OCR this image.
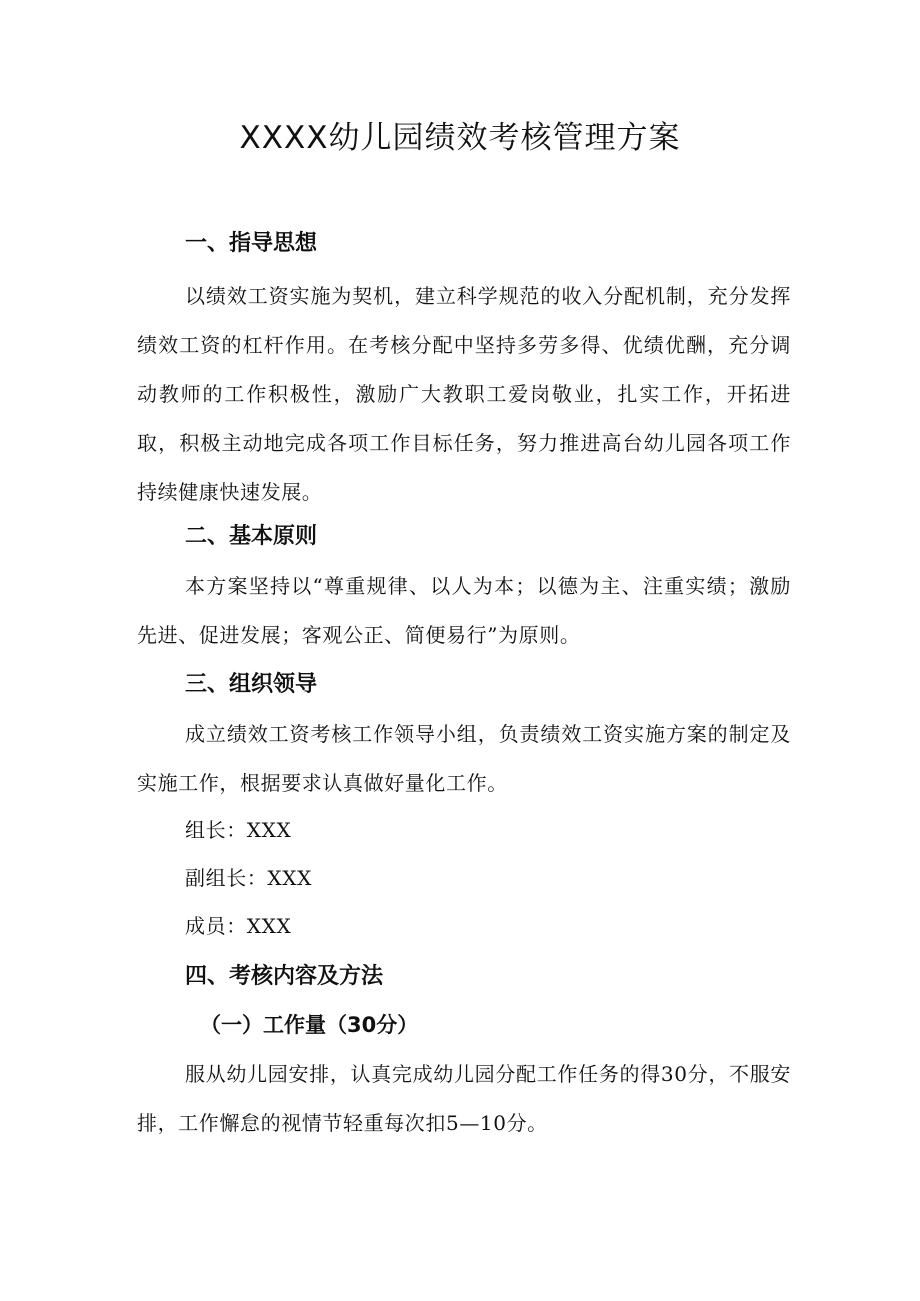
XXXX幼儿园绩效考核管理方案
一、指导思想

以绩效工资实施为契机，建立科学规范的收入分配机制，充分发挥绩效工资的杠杆作用。在考核分配中坚持多劳多得、优绩优酬，充分调动教师的工作积极性，激励广大教职工爱岗敬业，扎实工作，开拓进取，积极主动地完成各项工作目标任务，努力推进高台幼儿园各项工作持续健康快速发展。

二、基本原则

本方案坚持以“尊重规律、以人为本；以德为主、注重实绩；激励先进、促进发展；客观公正、简便易行”为原则。

三、组织领导

成立绩效工资考核工作领导小组，负责绩效工资实施方案的制定及实施工作，根据要求认真做好量化工作。

组长：XXX
副组长：XXX
成员：XXX
四、考核内容及方法
（一）工作量（30分）

服从幼儿园安排，认真完成幼儿园分配工作任务的得30分，不服安排，工作懈怠的视情节轻重每次扣5—10分。
